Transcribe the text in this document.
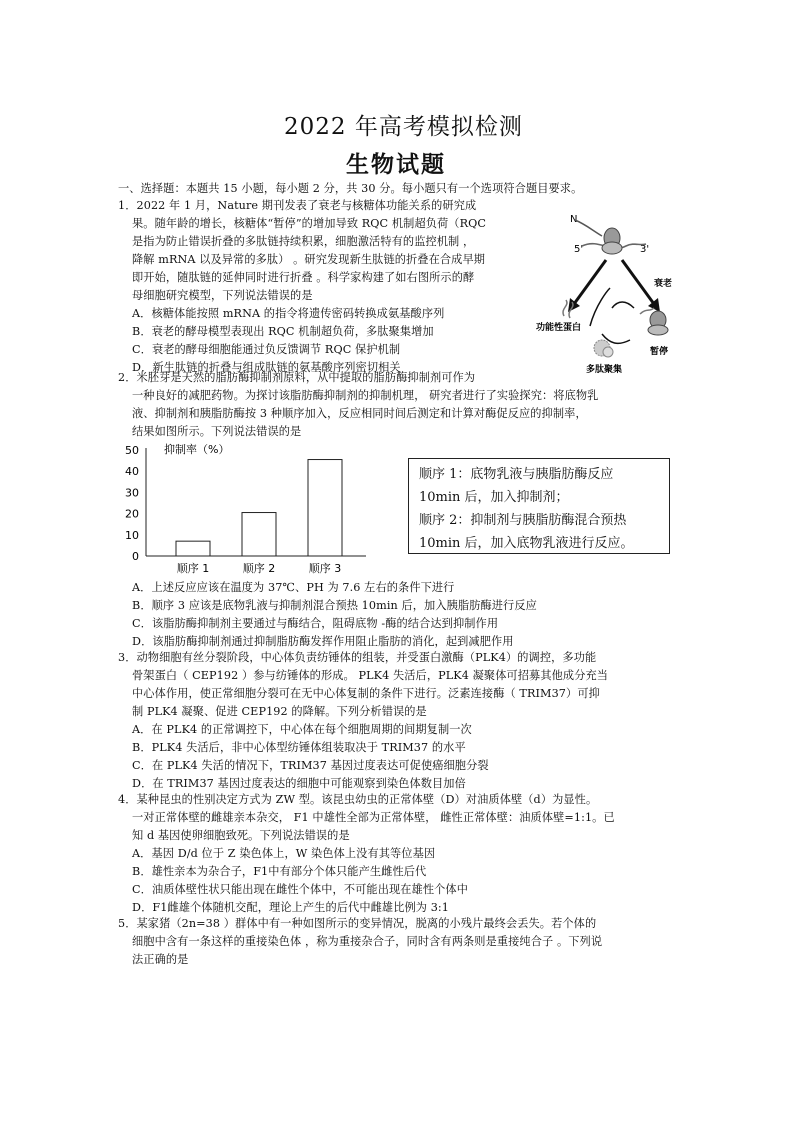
2022 年高考模拟检测
生物试题
一、选择题：本题共 15 小题，每小题 2 分，共 30 分。每小题只有一个选项符合题目要求。
1．2022 年 1 月，Nature 期刊发表了衰老与核糖体功能关系的研究成
果。随年龄的增长，核糖体“暂停”的增加导致 RQC 机制超负荷（RQC
是指为防止错误折叠的多肽链持续积累，细胞激活特有的监控机制 ，
降解 mRNA 以及异常的多肽） 。研究发现新生肽链的折叠在合成早期
即开始，随肽链的延伸同时进行折叠 。科学家构建了如右图所示的酵
母细胞研究模型，下列说法错误的是
A．核糖体能按照 mRNA 的指令将遗传密码转换成氨基酸序列
B．衰老的酵母模型表现出 RQC 机制超负荷，多肽聚集增加
C．衰老的酵母细胞能通过负反馈调节 RQC 保护机制
D．新生肽链的折叠与组成肽链的氨基酸序列密切相关
N
5'	3'
衰老
功能性蛋白
暂停
多肽聚集
2．米胚芽是天然的脂肪酶抑制剂原料，从中提取的脂肪酶抑制剂可作为
一种良好的减肥药物。为探讨该脂肪酶抑制剂的抑制机理， 研究者进行了实验探究：将底物乳
液、抑制剂和胰脂肪酶按 3 种顺序加入，反应相同时间后测定和计算对酶促反应的抑制率，
结果如图所示。下列说法错误的是
抑制率（%）
0
10
20
30
40
50
顺序 1	顺序 2	顺序 3
顺序 1：底物乳液与胰脂肪酶反应
10min 后，加入抑制剂；
顺序 2：抑制剂与胰脂肪酶混合预热
10min 后，加入底物乳液进行反应。
A．上述反应应该在温度为 37℃、PH 为 7.6 左右的条件下进行
B．顺序 3 应该是底物乳液与抑制剂混合预热 10min 后，加入胰脂肪酶进行反应
C．该脂肪酶抑制剂主要通过与酶结合，阻碍底物 -酶的结合达到抑制作用
D．该脂肪酶抑制剂通过抑制脂肪酶发挥作用阻止脂肪的消化，起到减肥作用
3．动物细胞有丝分裂阶段，中心体负责纺锤体的组装，并受蛋白激酶（PLK4）的调控，多功能
骨架蛋白（ CEP192 ）参与纺锤体的形成。 PLK4 失活后，PLK4 凝聚体可招募其他成分充当
中心体作用，使正常细胞分裂可在无中心体复制的条件下进行。泛素连接酶（ TRIM37）可抑
制 PLK4 凝聚、促进 CEP192 的降解。下列分析错误的是
A．在 PLK4 的正常调控下，中心体在每个细胞周期的间期复制一次
B．PLK4 失活后，非中心体型纺锤体组装取决于 TRIM37 的水平
C．在 PLK4 失活的情况下，TRIM37 基因过度表达可促使癌细胞分裂
D．在 TRIM37 基因过度表达的细胞中可能观察到染色体数目加倍
4．某种昆虫的性别决定方式为 ZW 型。该昆虫幼虫的正常体壁（D）对油质体壁（d）为显性。
一对正常体壁的雌雄亲本杂交， F1 中雄性全部为正常体壁， 雌性正常体壁：油质体壁=1:1。已
知 d 基因使卵细胞致死。下列说法错误的是
A．基因 D/d 位于 Z 染色体上，W 染色体上没有其等位基因
B．雄性亲本为杂合子，F1中有部分个体只能产生雌性后代
C．油质体壁性状只能出现在雌性个体中，不可能出现在雄性个体中
D．F1雌雄个体随机交配，理论上产生的后代中雌雄比例为 3:1
5．某家猪（2n=38 ）群体中有一种如图所示的变异情况，脱离的小残片最终会丢失。若个体的
细胞中含有一条这样的重接染色体 ，称为重接杂合子，同时含有两条则是重接纯合子 。下列说
法正确的是
